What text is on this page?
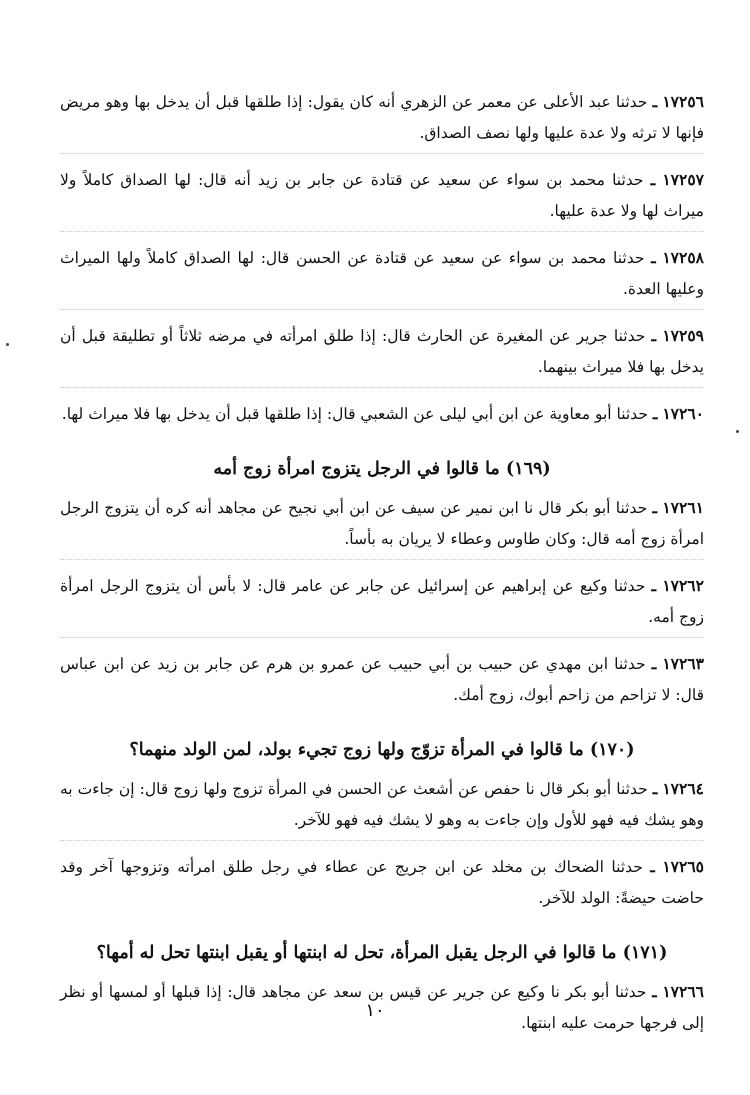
١٧٢٥٦ ـ حدثنا عبد الأعلى عن معمر عن الزهري أنه كان يقول: إذا طلقها قبل أن يدخل بها وهو مريض فإنها لا ترثه ولا عدة عليها ولها نصف الصداق.

١٧٢٥٧ ـ حدثنا محمد بن سواء عن سعيد عن قتادة عن جابر بن زيد أنه قال: لها الصداق كاملاً ولا ميراث لها ولا عدة عليها.

١٧٢٥٨ ـ حدثنا محمد بن سواء عن سعيد عن قتادة عن الحسن قال: لها الصداق كاملاً ولها الميراث وعليها العدة.

١٧٢٥٩ ـ حدثنا جرير عن المغيرة عن الحارث قال: إذا طلق امرأته في مرضه ثلاثاً أو تطليقة قبل أن يدخل بها فلا ميراث بينهما.

١٧٢٦٠ ـ حدثنا أبو معاوية عن ابن أبي ليلى عن الشعبي قال: إذا طلقها قبل أن يدخل بها فلا ميراث لها.

(١٦٩) ما قالوا في الرجل يتزوج امرأة زوج أمه

١٧٢٦١ ـ حدثنا أبو بكر قال نا ابن نمير عن سيف عن ابن أبي نجيح عن مجاهد أنه كره أن يتزوج الرجل امرأة زوج أمه قال: وكان طاوس وعطاء لا يريان به بأساً.

١٧٢٦٢ ـ حدثنا وكيع عن إبراهيم عن إسرائيل عن جابر عن عامر قال: لا بأس أن يتزوج الرجل امرأة زوج أمه.

١٧٢٦٣ ـ حدثنا ابن مهدي عن حبيب بن أبي حبيب عن عمرو بن هرم عن جابر بن زيد عن ابن عباس قال: لا تزاحم من زاحم أبوك، زوج أمك.

(١٧٠) ما قالوا في المرأة تزوّج ولها زوج تجيء بولد، لمن الولد منهما؟

١٧٢٦٤ ـ حدثنا أبو بكر قال نا حفص عن أشعث عن الحسن في المرأة تزوج ولها زوج قال: إن جاءت به وهو يشك فيه فهو للأول وإن جاءت به وهو لا يشك فيه فهو للآخر.

١٧٢٦٥ ـ حدثنا الضحاك بن مخلد عن ابن جريج عن عطاء في رجل طلق امرأته وتزوجها آخر وقد حاضت حيضةً: الولد للآخر.

(١٧١) ما قالوا في الرجل يقبل المرأة، تحل له ابنتها أو يقبل ابنتها تحل له أمها؟

١٧٢٦٦ ـ حدثنا أبو بكر نا وكيع عن جرير عن قيس بن سعد عن مجاهد قال: إذا قبلها أو لمسها أو نظر إلى فرجها حرمت عليه ابنتها.

١٠
